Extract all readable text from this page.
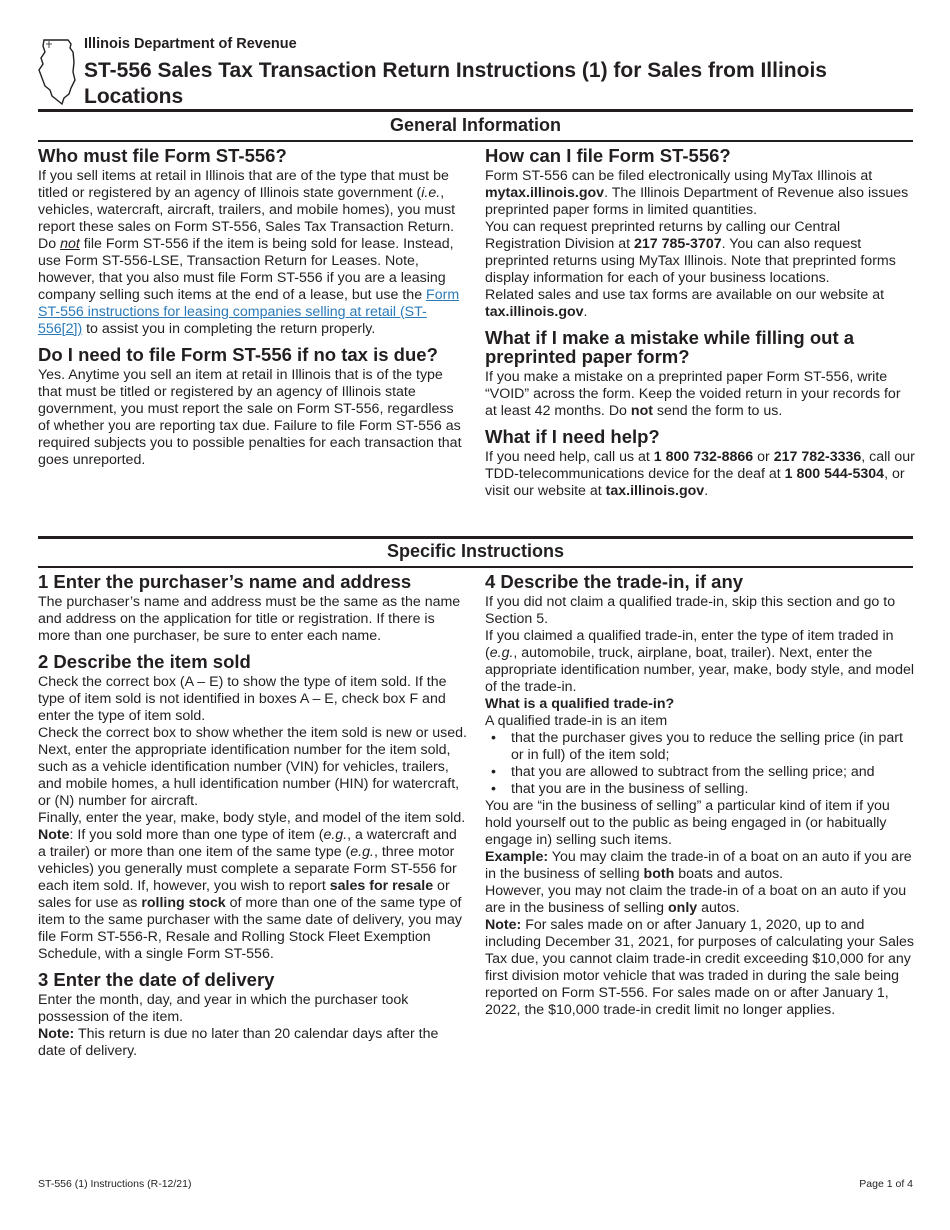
Illinois Department of Revenue
ST-556 Sales Tax Transaction Return Instructions (1) for Sales from Illinois Locations
General Information
Who must file Form ST-556?

If you sell items at retail in Illinois that are of the type that must be titled or registered by an agency of Illinois state government (i.e., vehicles, watercraft, aircraft, trailers, and mobile homes), you must report these sales on Form ST-556, Sales Tax Transaction Return. Do not file Form ST-556 if the item is being sold for lease. Instead, use Form ST-556-LSE, Transaction Return for Leases. Note, however, that you also must file Form ST-556 if you are a leasing company selling such items at the end of a lease, but use the Form ST-556 instructions for leasing companies selling at retail (ST-556[2]) to assist you in completing the return properly.

Do I need to file Form ST-556 if no tax is due?

Yes. Anytime you sell an item at retail in Illinois that is of the type that must be titled or registered by an agency of Illinois state government, you must report the sale on Form ST-556, regardless of whether you are reporting tax due. Failure to file Form ST-556 as required subjects you to possible penalties for each transaction that goes unreported.

How can I file Form ST-556?

Form ST-556 can be filed electronically using MyTax Illinois at mytax.illinois.gov. The Illinois Department of Revenue also issues preprinted paper forms in limited quantities.

You can request preprinted returns by calling our Central Registration Division at 217 785-3707. You can also request preprinted returns using MyTax Illinois. Note that preprinted forms display information for each of your business locations.

Related sales and use tax forms are available on our website at tax.illinois.gov.

What if I make a mistake while filling out a preprinted paper form?

If you make a mistake on a preprinted paper Form ST-556, write “VOID” across the form. Keep the voided return in your records for at least 42 months. Do not send the form to us.

What if I need help?

If you need help, call us at 1 800 732-8866 or 217 782-3336, call our TDD-telecommunications device for the deaf at 1 800 544-5304, or visit our website at tax.illinois.gov.

Specific Instructions
1 Enter the purchaser’s name and address

The purchaser’s name and address must be the same as the name and address on the application for title or registration. If there is more than one purchaser, be sure to enter each name.

2 Describe the item sold

Check the correct box (A – E) to show the type of item sold. If the type of item sold is not identified in boxes A – E, check box F and enter the type of item sold.

Check the correct box to show whether the item sold is new or used.

Next, enter the appropriate identification number for the item sold, such as a vehicle identification number (VIN) for vehicles, trailers, and mobile homes, a hull identification number (HIN) for watercraft, or (N) number for aircraft.

Finally, enter the year, make, body style, and model of the item sold.

Note: If you sold more than one type of item (e.g., a watercraft and a trailer) or more than one item of the same type (e.g., three motor vehicles) you generally must complete a separate Form ST-556 for each item sold. If, however, you wish to report sales for resale or sales for use as rolling stock of more than one of the same type of item to the same purchaser with the same date of delivery, you may file Form ST-556-R, Resale and Rolling Stock Fleet Exemption Schedule, with a single Form ST-556.

3 Enter the date of delivery

Enter the month, day, and year in which the purchaser took possession of the item.

Note: This return is due no later than 20 calendar days after the date of delivery.

4 Describe the trade-in, if any

If you did not claim a qualified trade-in, skip this section and go to Section 5.

If you claimed a qualified trade-in, enter the type of item traded in (e.g., automobile, truck, airplane, boat, trailer). Next, enter the appropriate identification number, year, make, body style, and model of the trade-in.

What is a qualified trade-in?

A qualified trade-in is an item

• that the purchaser gives you to reduce the selling price (in part or in full) of the item sold;
• that you are allowed to subtract from the selling price; and
• that you are in the business of selling.

You are “in the business of selling” a particular kind of item if you hold yourself out to the public as being engaged in (or habitually engage in) selling such items.

Example: You may claim the trade-in of a boat on an auto if you are in the business of selling both boats and autos.

However, you may not claim the trade-in of a boat on an auto if you are in the business of selling only autos.

Note: For sales made on or after January 1, 2020, up to and including December 31, 2021, for purposes of calculating your Sales Tax due, you cannot claim trade-in credit exceeding $10,000 for any first division motor vehicle that was traded in during the sale being reported on Form ST-556. For sales made on or after January 1, 2022, the $10,000 trade-in credit limit no longer applies.

ST-556 (1) Instructions (R-12/21)	Page 1 of 4
